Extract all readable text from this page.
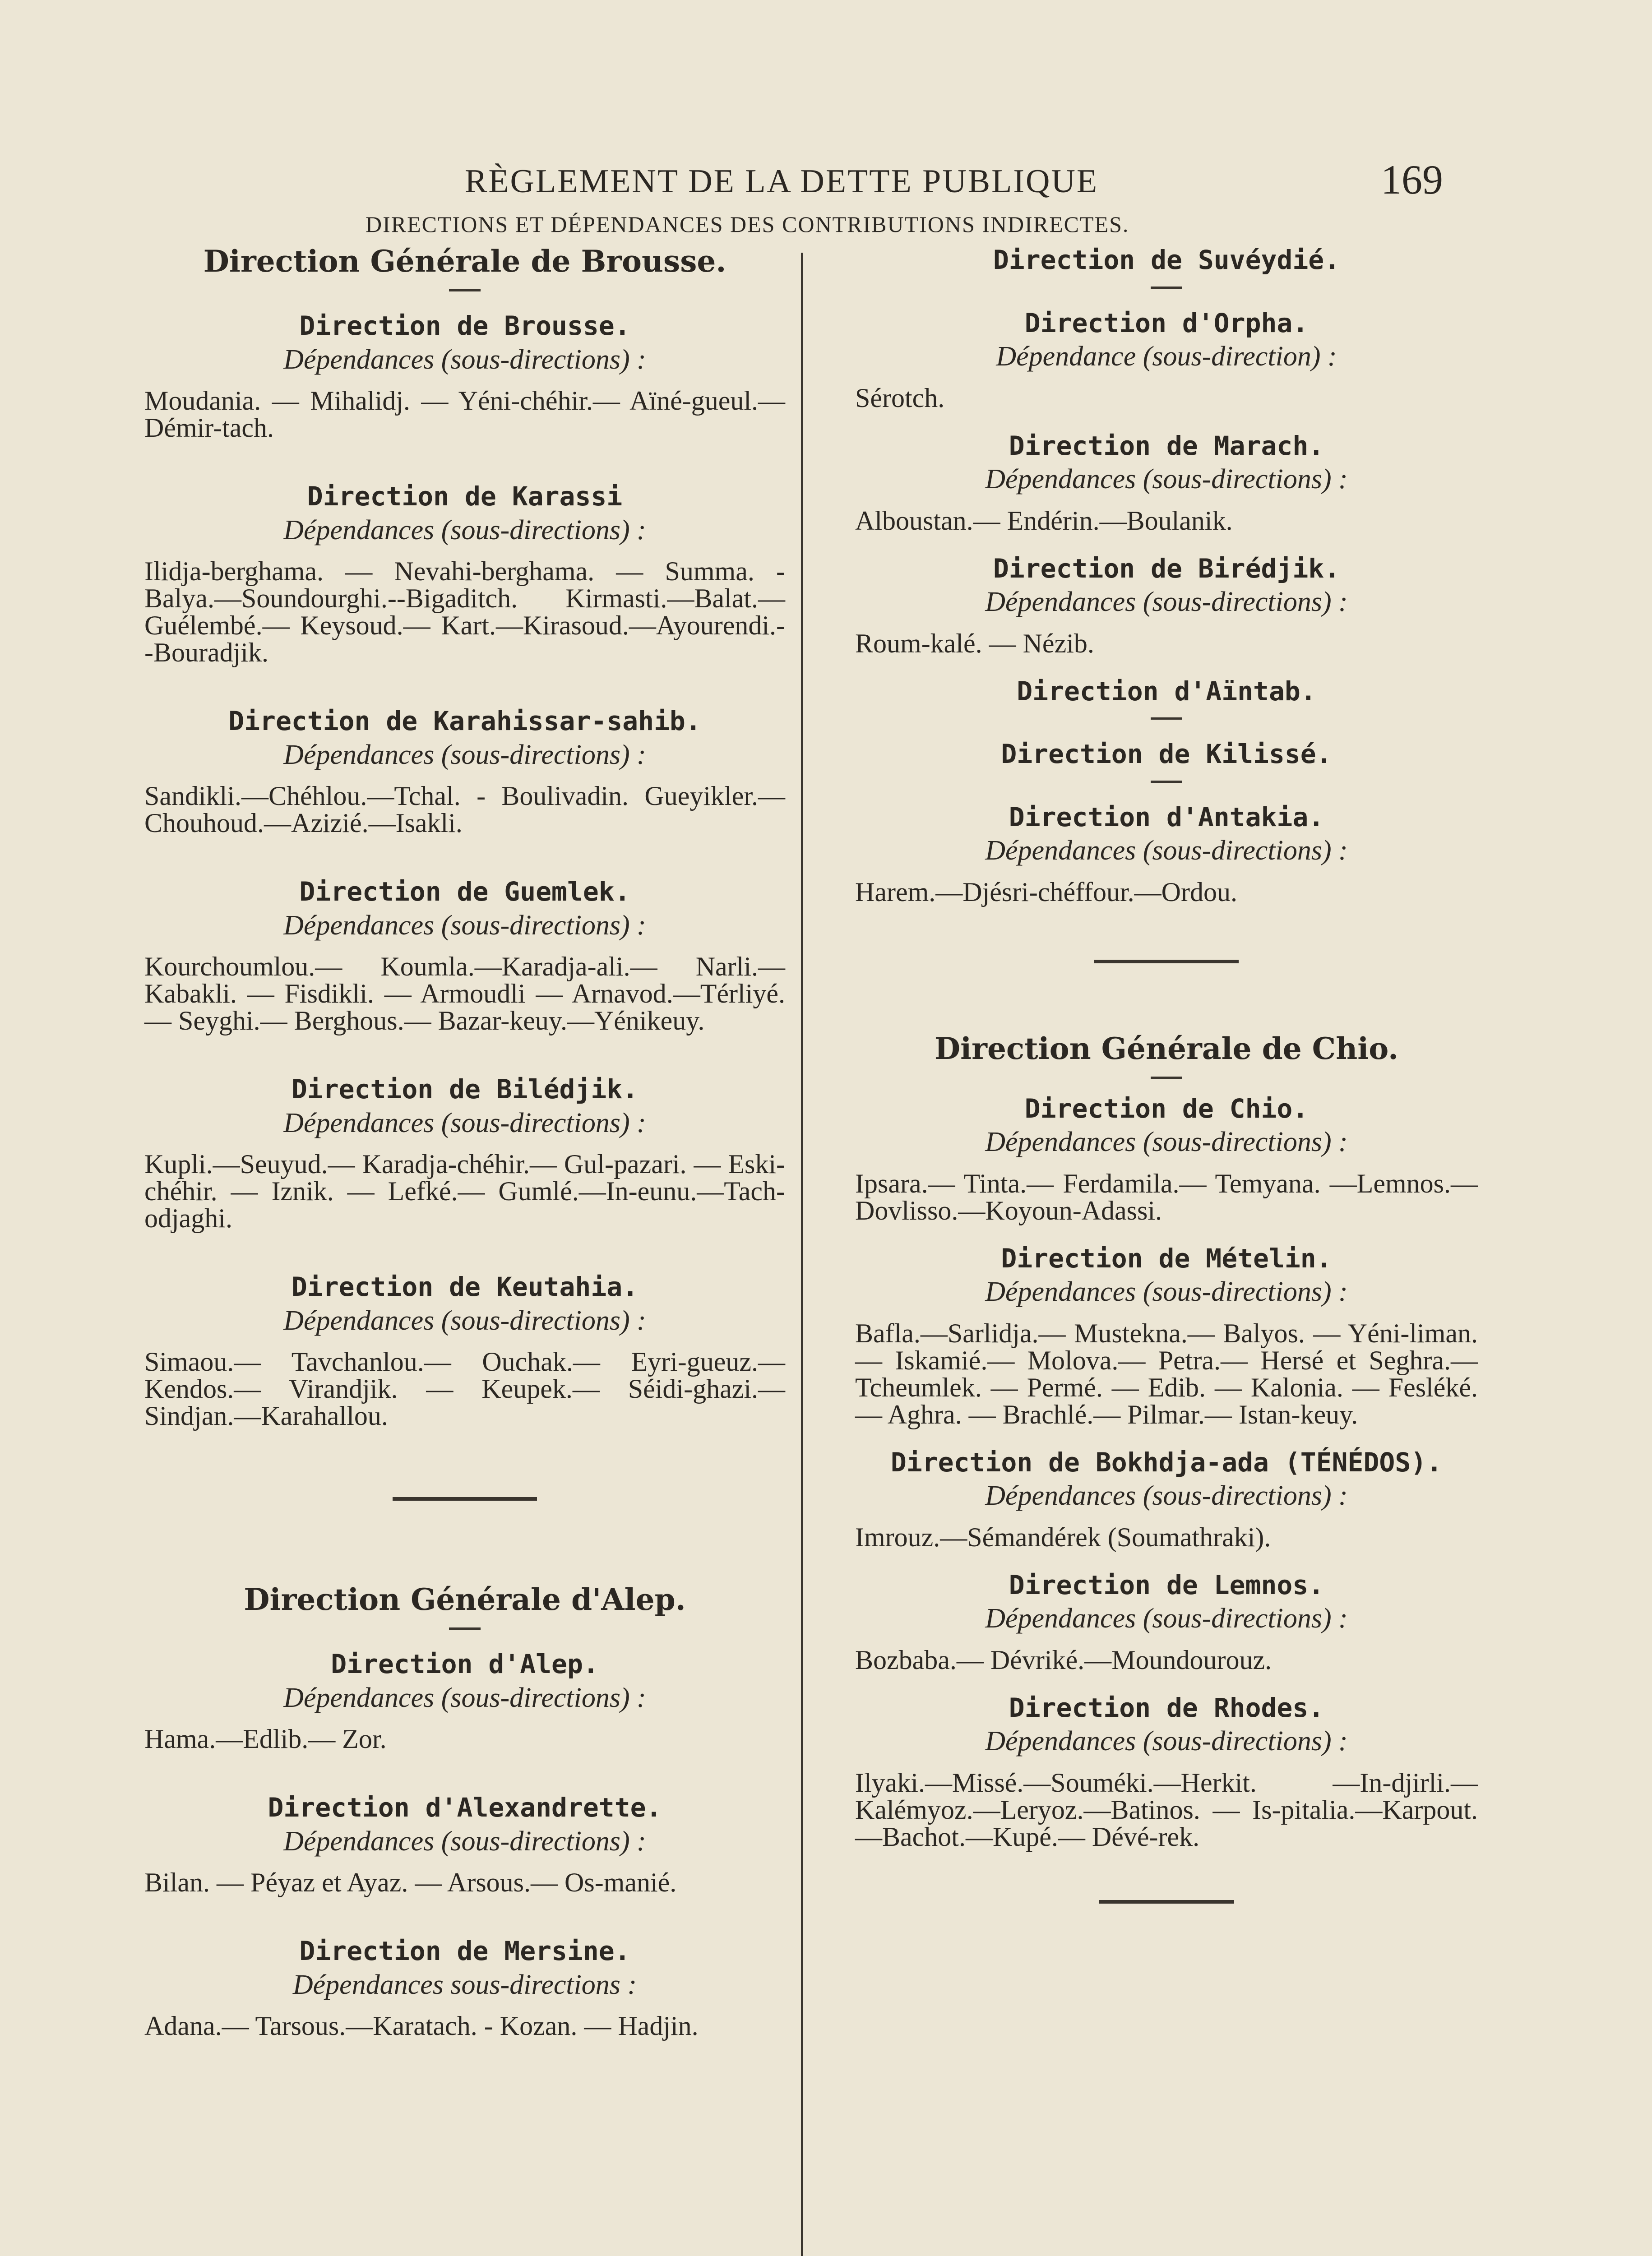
RÈGLEMENT DE LA DETTE PUBLIQUE	169
DIRECTIONS ET DÉPENDANCES DES CONTRIBUTIONS INDIRECTES.
Direction Générale de Brousse.
Direction de Brousse.
Dépendances (sous-directions) :
Moudania. — Mihalidj. — Yéni-chéhir.— Aïné-gueul.—Démir-tach.
Direction de Karassi
Dépendances (sous-directions) :
Ilidja-berghama. — Nevahi-berghama. — Summa. - Balya.—Soundourghi.--Bigaditch. Kirmasti.—Balat.—Guélembé.— Keysoud.— Kart.—Kirasoud.—Ayourendi.--Bouradjik.
Direction de Karahissar-sahib.
Dépendances (sous-directions) :
Sandikli.—Chéhlou.—Tchal. - Boulivadin. Gueyikler.—Chouhoud.—Azizié.—Isakli.
Direction de Guemlek.
Dépendances (sous-directions) :
Kourchoumlou.— Koumla.—Karadja-ali.— Narli.— Kabakli. — Fisdikli. — Armoudli — Arnavod.—Térliyé.— Seyghi.— Berghous.— Bazar-keuy.—Yénikeuy.
Direction de Bilédjik.
Dépendances (sous-directions) :
Kupli.—Seuyud.— Karadja-chéhir.— Gul-pazari. — Eski-chéhir. — Iznik. — Lefké.— Gumlé.—In-eunu.—Tach-odjaghi.
Direction de Keutahia.
Dépendances (sous-directions) :
Simaou.— Tavchanlou.— Ouchak.— Eyri-gueuz.— Kendos.— Virandjik. — Keupek.— Séidi-ghazi.—Sindjan.—Karahallou.
Direction Générale d'Alep.
Direction d'Alep.
Dépendances (sous-directions) :
Hama.—Edlib.— Zor.
Direction d'Alexandrette.
Dépendances (sous-directions) :
Bilan. — Péyaz et Ayaz. — Arsous.— Os-manié.
Direction de Mersine.
Dépendances sous-directions :
Adana.— Tarsous.—Karatach. - Kozan. — Hadjin.
Direction de Suvéydié.
Direction d'Orpha.
Dépendance (sous-direction) :
Sérotch.
Direction de Marach.
Dépendances (sous-directions) :
Alboustan.— Endérin.—Boulanik.
Direction de Birédjik.
Dépendances (sous-directions) :
Roum-kalé. — Nézib.
Direction d'Aïntab.
Direction de Kilissé.
Direction d'Antakia.
Dépendances (sous-directions) :
Harem.—Djésri-chéffour.—Ordou.
Direction Générale de Chio.
Direction de Chio.
Dépendances (sous-directions) :
Ipsara.— Tinta.— Ferdamila.— Temyana. —Lemnos.—Dovlisso.—Koyoun-Adassi.
Direction de Mételin.
Dépendances (sous-directions) :
Bafla.—Sarlidja.— Mustekna.— Balyos. — Yéni-liman.— Iskamié.— Molova.— Petra.— Hersé et Seghra.—Tcheumlek. — Permé. — Edib. — Kalonia. — Fesléké.— Aghra. — Brachlé.— Pilmar.— Istan-keuy.
Direction de Bokhdja-ada (TÉNÉDOS).
Dépendances (sous-directions) :
Imrouz.—Sémandérek (Soumathraki).
Direction de Lemnos.
Dépendances (sous-directions) :
Bozbaba.— Dévriké.—Moundourouz.
Direction de Rhodes.
Dépendances (sous-directions) :
Ilyaki.—Missé.—Souméki.—Herkit. —In-djirli.—Kalémyoz.—Leryoz.—Batinos. — Is-pitalia.—Karpout.—Bachot.—Kupé.— Dévé-rek.
